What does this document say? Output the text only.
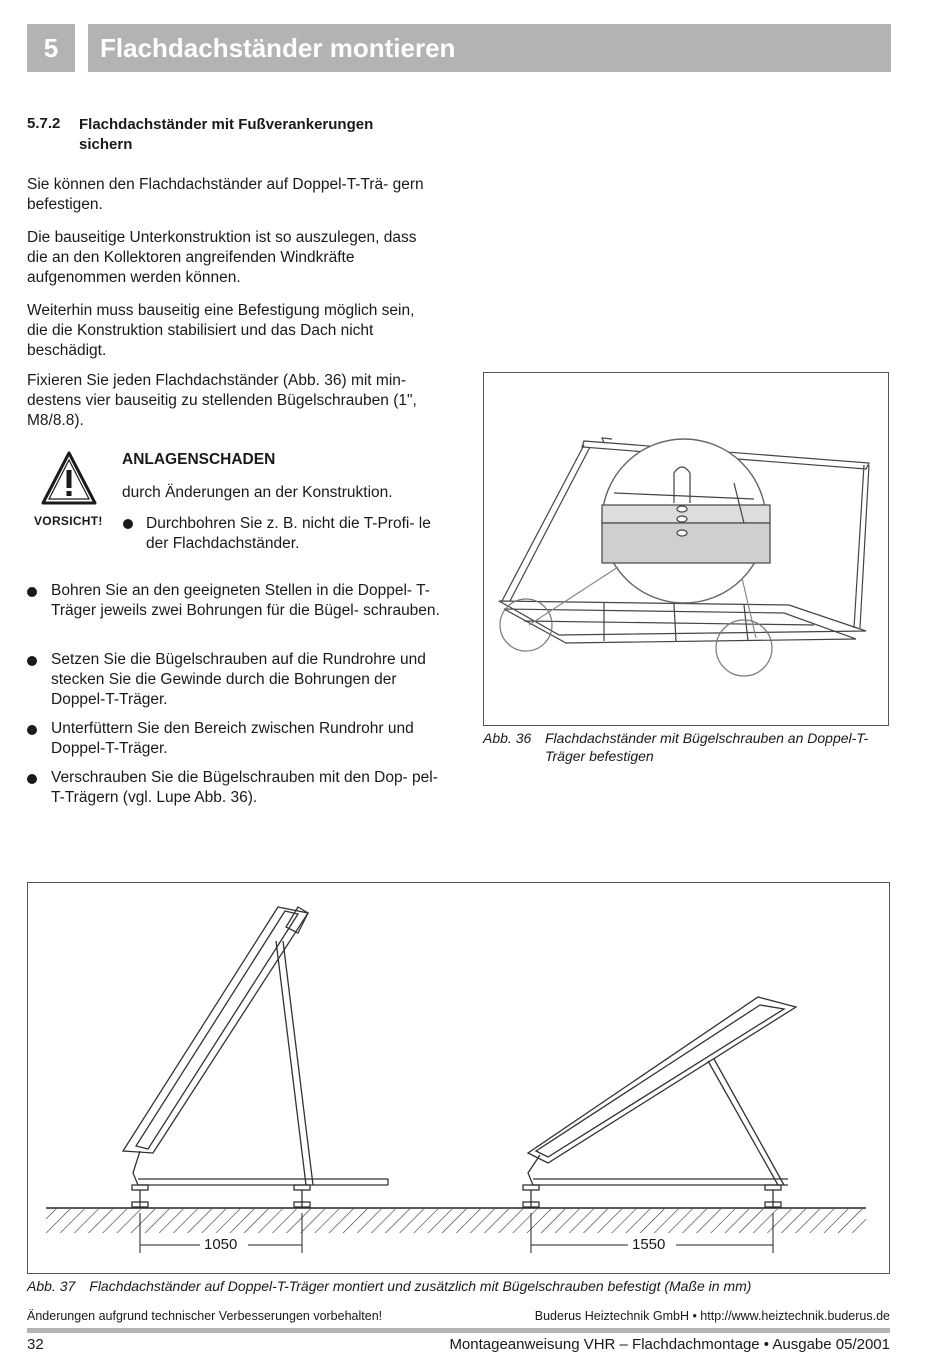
5	Flachdachständer montieren
5.7.2 Flachdachständer mit Fußverankerungen sichern
Sie können den Flachdachständer auf Doppel-T-Trä- gern befestigen.
Die bauseitige Unterkonstruktion ist so auszulegen, dass die an den Kollektoren angreifenden Windkräfte aufgenommen werden können.
Weiterhin muss bauseitig eine Befestigung möglich sein, die die Konstruktion stabilisiert und das Dach nicht beschädigt.
Fixieren Sie jeden Flachdachständer (Abb. 36) mit min- destens vier bauseitig zu stellenden Bügelschrauben (1", M8/8.8).
VORSICHT!
ANLAGENSCHADEN
durch Änderungen an der Konstruktion.
Durchbohren Sie z. B. nicht die T-Profi- le der Flachdachständer.
Bohren Sie an den geeigneten Stellen in die Doppel- T-Träger jeweils zwei Bohrungen für die Bügel- schrauben.
Setzen Sie die Bügelschrauben auf die Rundrohre und stecken Sie die Gewinde durch die Bohrungen der Doppel-T-Träger.
Unterfüttern Sie den Bereich zwischen Rundrohr und Doppel-T-Träger.
Verschrauben Sie die Bügelschrauben mit den Dop- pel-T-Trägern (vgl. Lupe Abb. 36).
Abb. 36 Flachdachständer mit Bügelschrauben an Doppel-T-Träger befestigen
1050	1550
Abb. 37 Flachdachständer auf Doppel-T-Träger montiert und zusätzlich mit Bügelschrauben befestigt (Maße in mm)
Änderungen aufgrund technischer Verbesserungen vorbehalten!	Buderus Heiztechnik GmbH • http://www.heiztechnik.buderus.de
32	Montageanweisung VHR – Flachdachmontage • Ausgabe 05/2001
